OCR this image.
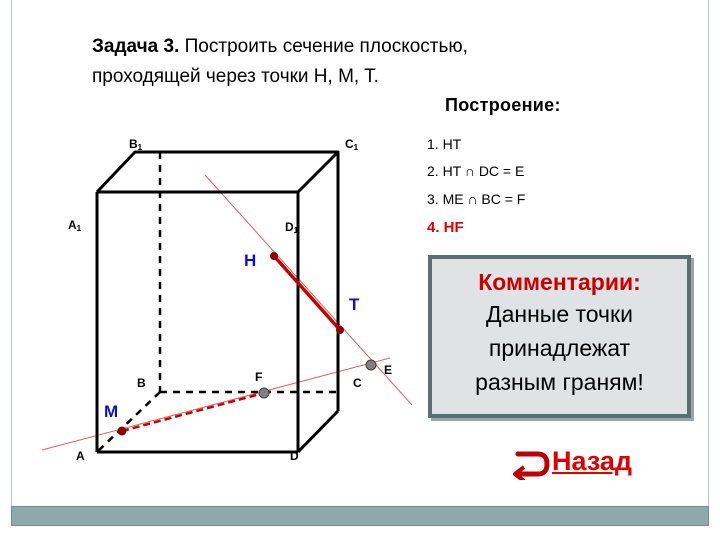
Задача 3. Построить сечение плоскостью,
проходящей через точки H, M, T.
Построение:
1. HT
2. HT ∩ DC = E
3. ME ∩ BC = F
4. HF
Комментарии:
Данные точки
принадлежат
разным граням!
Назад
B1	C1
A1	D1
B	C
A	D
H
T
M
F	E
